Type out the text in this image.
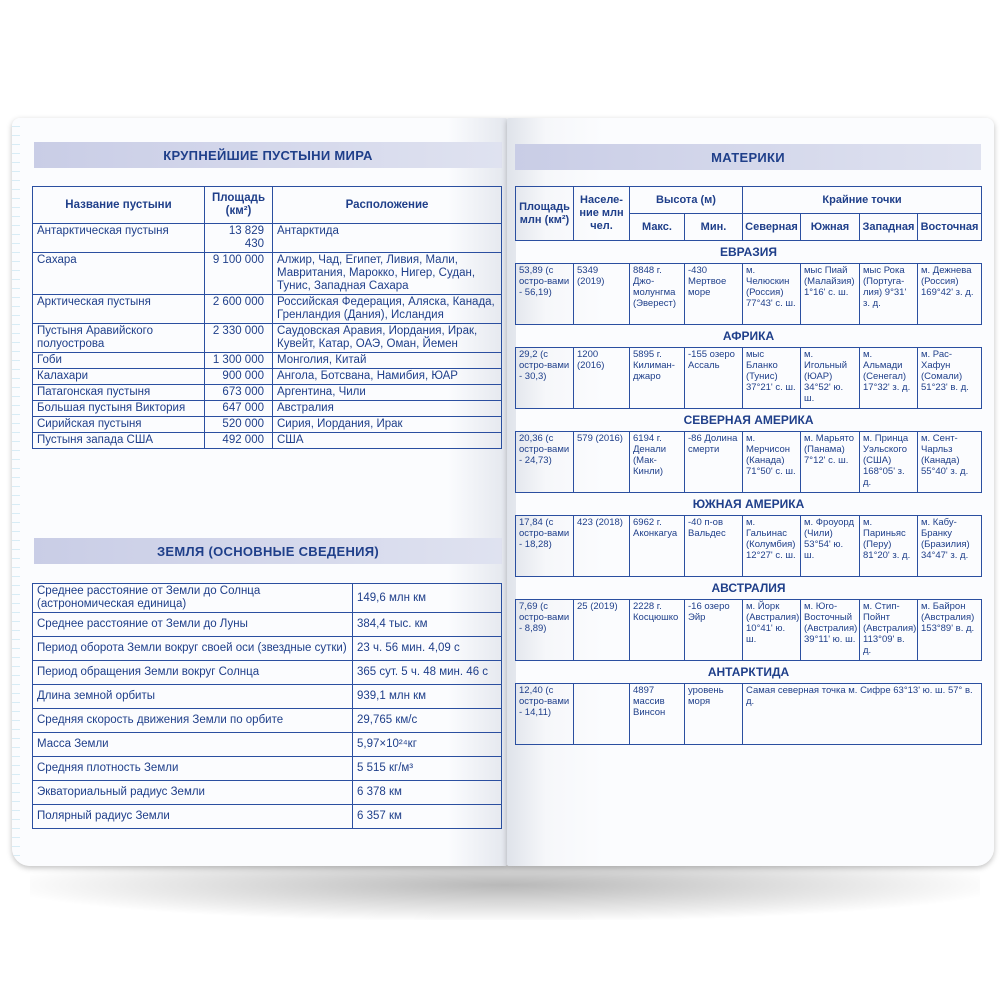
КРУПНЕЙШИЕ ПУСТЫНИ МИРА
Название пустыни	Площадь (км²)	Расположение
Антарктическая пустыня	13 829 430	Антарктида
Сахара	9 100 000	Алжир, Чад, Египет, Ливия, Мали, Мавритания, Марокко, Нигер, Судан, Тунис, Западная Сахара
Арктическая пустыня	2 600 000	Российская Федерация, Аляска, Канада, Гренландия (Дания), Исландия
Пустыня Аравийского полуострова	2 330 000	Саудовская Аравия, Иордания, Ирак, Кувейт, Катар, ОАЭ, Оман, Йемен
Гоби	1 300 000	Монголия, Китай
Калахари	900 000	Ангола, Ботсвана, Намибия, ЮАР
Патагонская пустыня	673 000	Аргентина, Чили
Большая пустыня Виктория	647 000	Австралия
Сирийская пустыня	520 000	Сирия, Иордания, Ирак
Пустыня запада США	492 000	США
ЗЕМЛЯ (ОСНОВНЫЕ СВЕДЕНИЯ)
Среднее расстояние от Земли до Солнца (астрономическая единица)	149,6 млн км
Среднее расстояние от Земли до Луны	384,4 тыс. км
Период оборота Земли вокруг своей оси (звездные сутки)	23 ч. 56 мин. 4,09 с
Период обращения Земли вокруг Солнца	365 сут. 5 ч. 48 мин. 46 с
Длина земной орбиты	939,1 млн км
Средняя скорость движения Земли по орбите	29,765 км/с
Масса Земли	5,97×10²⁴кг
Средняя плотность Земли	5 515 кг/м³
Экваториальный радиус Земли	6 378 км
Полярный радиус Земли	6 357 км
МАТЕРИКИ
Площадь млн (км²)	Населе-ние млн чел.	Высота (м)		Крайние точки			
		Макс.	Мин.	Северная	Южная	Западная	Восточная
ЕВРАЗИЯ							
53,89 (с остро-вами - 56,19)	5349 (2019)	8848 г. Джо-молунгма (Эверест)	-430 Мертвое море	м. Челюскин (Россия) 77°43' с. ш.	мыс Пиай (Малайзия) 1°16' с. ш.	мыс Рока (Португа-лия) 9°31' з. д.	м. Дежнева (Россия) 169°42' з. д.
АФРИКА							
29,2 (с остро-вами - 30,3)	1200 (2016)	5895 г. Килиман-джаро	-155 озеро Ассаль	мыс Бланко (Тунис) 37°21' с. ш.	м. Игольный (ЮАР) 34°52' ю. ш.	м. Альмади (Сенегал) 17°32' з. д.	м. Рас-Хафун (Сомали) 51°23' в. д.
СЕВЕРНАЯ АМЕРИКА							
20,36 (с остро-вами - 24,73)	579 (2016)	6194 г. Денали (Мак-Кинли)	-86 Долина смерти	м. Мерчисон (Канада) 71°50' с. ш.	м. Марьято (Панама) 7°12' с. ш.	м. Принца Уэльского (США) 168°05' з. д.	м. Сент-Чарльз (Канада) 55°40' з. д.
ЮЖНАЯ АМЕРИКА							
17,84 (с остро-вами - 18,28)	423 (2018)	6962 г. Аконкагуа	-40 п-ов Вальдес	м. Гальинас (Колумбия) 12°27' с. ш.	м. Фроуорд (Чили) 53°54' ю. ш.	м. Париньяс (Перу) 81°20' з. д.	м. Кабу-Бранку (Бразилия) 34°47' з. д.
АВСТРАЛИЯ							
7,69 (с остро-вами - 8,89)	25 (2019)	2228 г. Косцюшко	-16 озеро Эйр	м. Йорк (Австралия) 10°41' ю. ш.	м. Юго-Восточный (Австралия) 39°11' ю. ш.	м. Стип-Пойнт (Австралия) 113°09' в. д.	м. Байрон (Австралия) 153°89' в. д.
АНТАРКТИДА							
12,40 (с остро-вами - 14,11)		4897 массив Винсон	уровень моря	Самая северная точка м. Сифре 63°13' ю. ш. 57° в. д.			
